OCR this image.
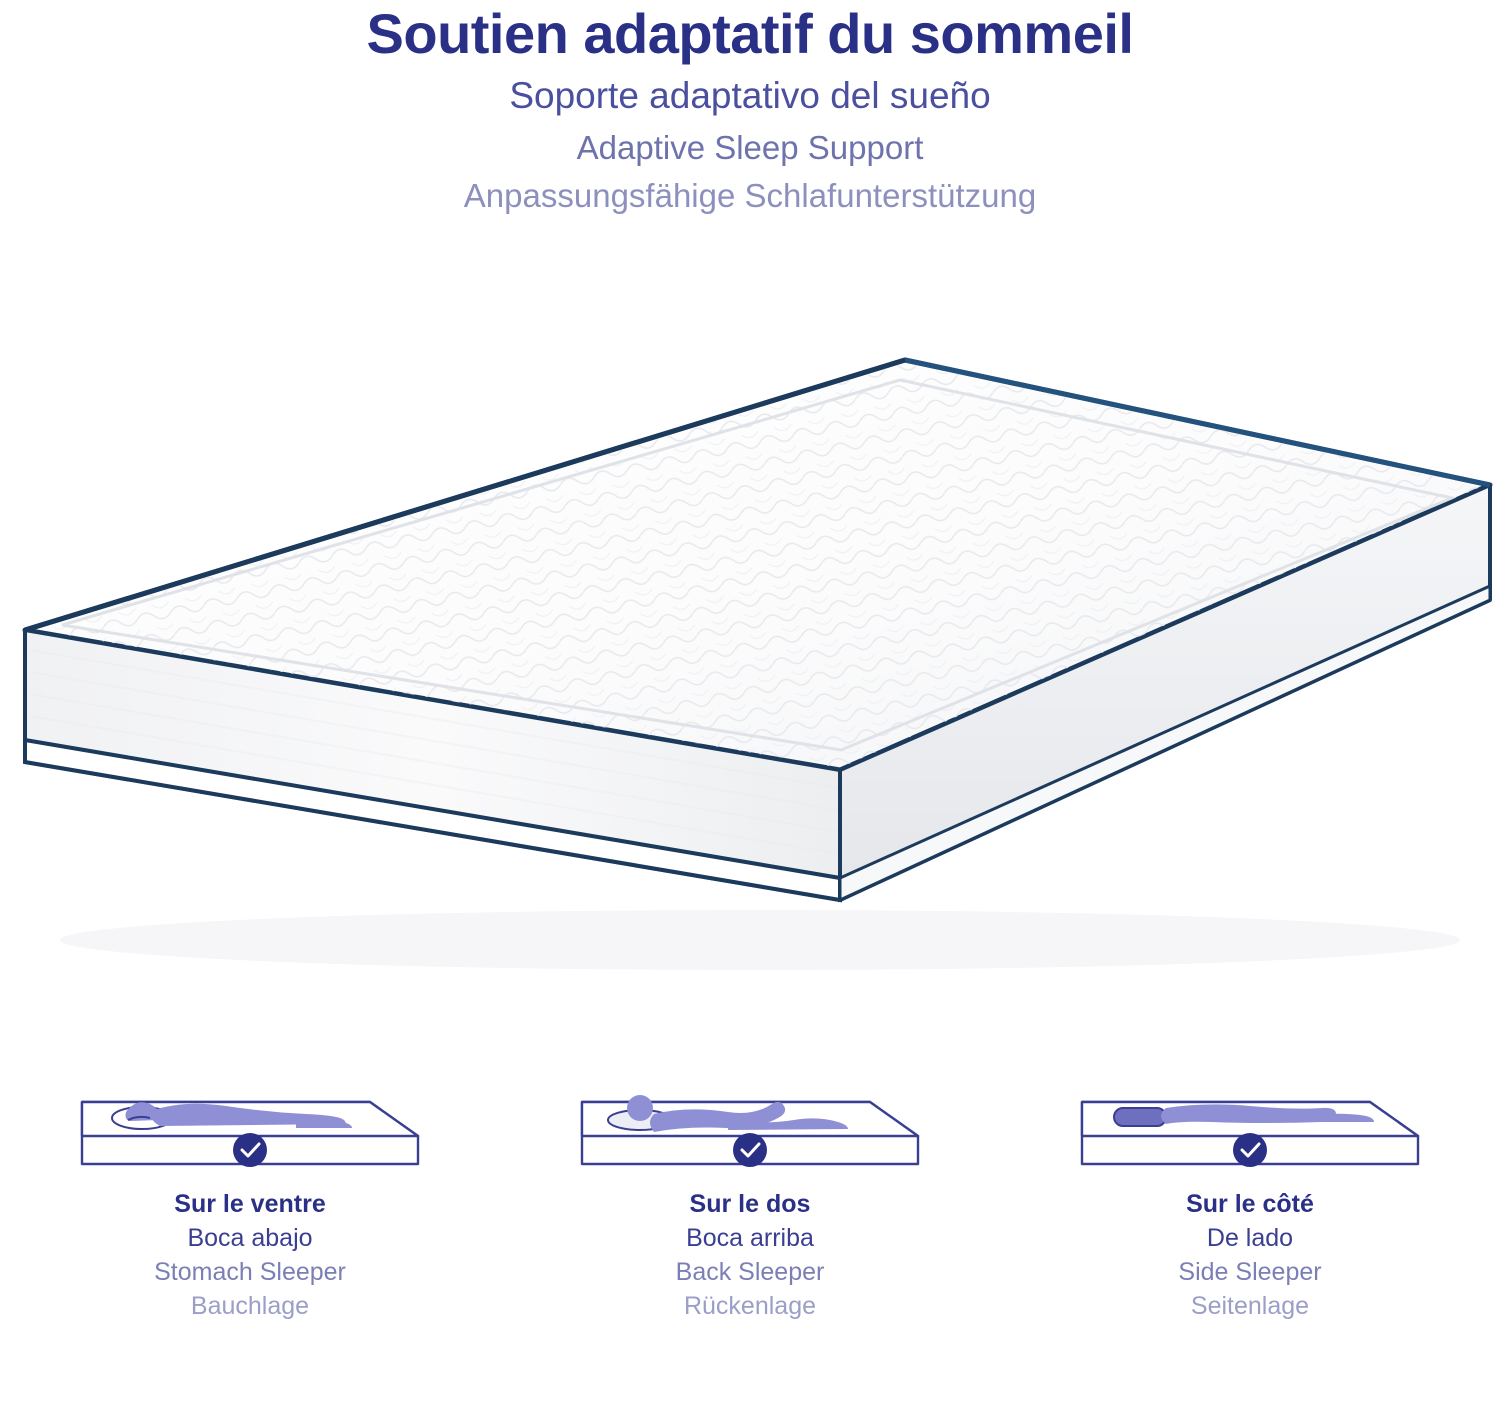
Soutien adaptatif du sommeil
Soporte adaptativo del sueño
Adaptive Sleep Support
Anpassungsfähige Schlafunterstützung
Sur le ventre
Boca abajo
Stomach Sleeper
Bauchlage
Sur le dos
Boca arriba
Back Sleeper
Rückenlage
Sur le côté
De lado
Side Sleeper
Seitenlage
